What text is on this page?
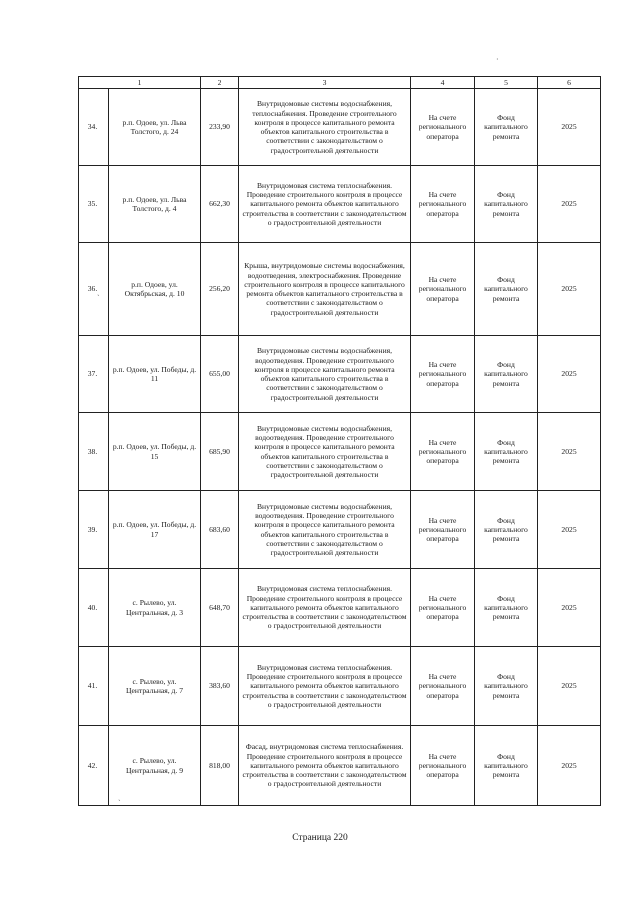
1		2	3	4	5	6
34.	р.п. Одоев, ул. Льва Толстого, д. 24	233,90	Внутридомовые системы водоснабжения, теплоснабжения. Проведение строительного контроля в процессе капитального ремонта объектов капитального строительства в соответствии с законодательством о градостроительной деятельности	На счете регионального оператора	Фонд капитального ремонта	2025
35.	р.п. Одоев, ул. Льва Толстого, д. 4	662,30	Внутридомовая система теплоснабжения. Проведение строительного контроля в процессе капитального ремонта объектов капитального строительства в соответствии с законодательством о градостроительной деятельности	На счете регионального оператора	Фонд капитального ремонта	2025
36.	р.п. Одоев, ул. Октябрьская, д. 10	256,20	Крыша, внутридомовые системы водоснабжения, водоотведения, электроснабжения. Проведение строительного контроля в процессе капитального ремонта объектов капитального строительства в соответствии с законодательством о градостроительной деятельности	На счете регионального оператора	Фонд капитального ремонта	2025
37.	р.п. Одоев, ул. Победы, д. 11	655,00	Внутридомовые системы водоснабжения, водоотведения. Проведение строительного контроля в процессе капитального ремонта объектов капитального строительства в соответствии с законодательством о градостроительной деятельности	На счете регионального оператора	Фонд капитального ремонта	2025
38.	р.п. Одоев, ул. Победы, д. 15	685,90	Внутридомовые системы водоснабжения, водоотведения. Проведение строительного контроля в процессе капитального ремонта объектов капитального строительства в соответствии с законодательством о градостроительной деятельности	На счете регионального оператора	Фонд капитального ремонта	2025
39.	р.п. Одоев, ул. Победы, д. 17	683,60	Внутридомовые системы водоснабжения, водоотведения. Проведение строительного контроля в процессе капитального ремонта объектов капитального строительства в соответствии с законодательством о градостроительной деятельности	На счете регионального оператора	Фонд капитального ремонта	2025
40.	с. Рылево, ул. Центральная, д. 3	648,70	Внутридомовая система теплоснабжения. Проведение строительного контроля в процессе капитального ремонта объектов капитального строительства в соответствии с законодательством о градостроительной деятельности	На счете регионального оператора	Фонд капитального ремонта	2025
41.	с. Рылево, ул. Центральная, д. 7	383,60	Внутридомовая система теплоснабжения. Проведение строительного контроля в процессе капитального ремонта объектов капитального строительства в соответствии с законодательством о градостроительной деятельности	На счете регионального оператора	Фонд капитального ремонта	2025
42.	с. Рылево, ул. Центральная, д. 9	818,00	Фасад, внутридомовая система теплоснабжения. Проведение строительного контроля в процессе капитального ремонта объектов капитального строительства в соответствии с законодательством о градостроительной деятельности	На счете регионального оператора	Фонд капитального ремонта	2025
·
ˎ
ˎ
Страница 220
